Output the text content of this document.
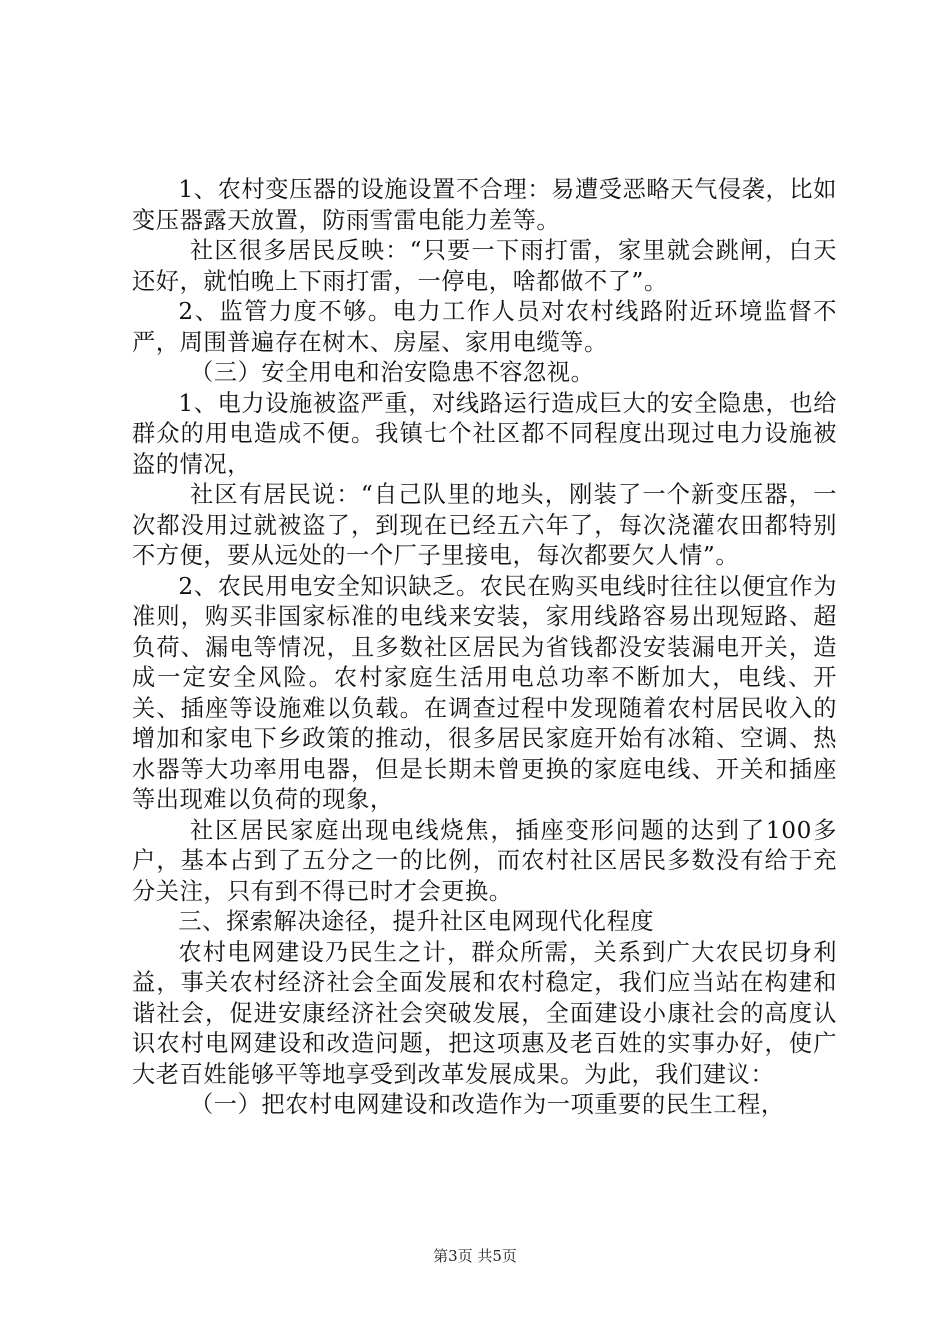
1、农村变压器的设施设置不合理：易遭受恶略天气侵袭，比如变压器露天放置，防雨雪雷电能力差等。

社区很多居民反映：“只要一下雨打雷，家里就会跳闸，白天还好，就怕晚上下雨打雷，一停电，啥都做不了”。

2、监管力度不够。电力工作人员对农村线路附近环境监督不严，周围普遍存在树木、房屋、家用电缆等。

（三）安全用电和治安隐患不容忽视。

1、电力设施被盗严重，对线路运行造成巨大的安全隐患，也给群众的用电造成不便。我镇七个社区都不同程度出现过电力设施被盗的情况，

社区有居民说：“自己队里的地头，刚装了一个新变压器，一次都没用过就被盗了，到现在已经五六年了，每次浇灌农田都特别不方便，要从远处的一个厂子里接电，每次都要欠人情”。

2、农民用电安全知识缺乏。农民在购买电线时往往以便宜作为准则，购买非国家标准的电线来安装，家用线路容易出现短路、超负荷、漏电等情况，且多数社区居民为省钱都没安装漏电开关，造成一定安全风险。农村家庭生活用电总功率不断加大，电线、开关、插座等设施难以负载。在调查过程中发现随着农村居民收入的增加和家电下乡政策的推动，很多居民家庭开始有冰箱、空调、热水器等大功率用电器，但是长期未曾更换的家庭电线、开关和插座等出现难以负荷的现象，

社区居民家庭出现电线烧焦，插座变形问题的达到了100多户，基本占到了五分之一的比例，而农村社区居民多数没有给于充分关注，只有到不得已时才会更换。

三、探索解决途径，提升社区电网现代化程度

农村电网建设乃民生之计，群众所需，关系到广大农民切身利益，事关农村经济社会全面发展和农村稳定，我们应当站在构建和谐社会，促进安康经济社会突破发展，全面建设小康社会的高度认识农村电网建设和改造问题，把这项惠及老百姓的实事办好，使广大老百姓能够平等地享受到改革发展成果。为此，我们建议：

（一）把农村电网建设和改造作为一项重要的民生工程，

第3页 共5页
